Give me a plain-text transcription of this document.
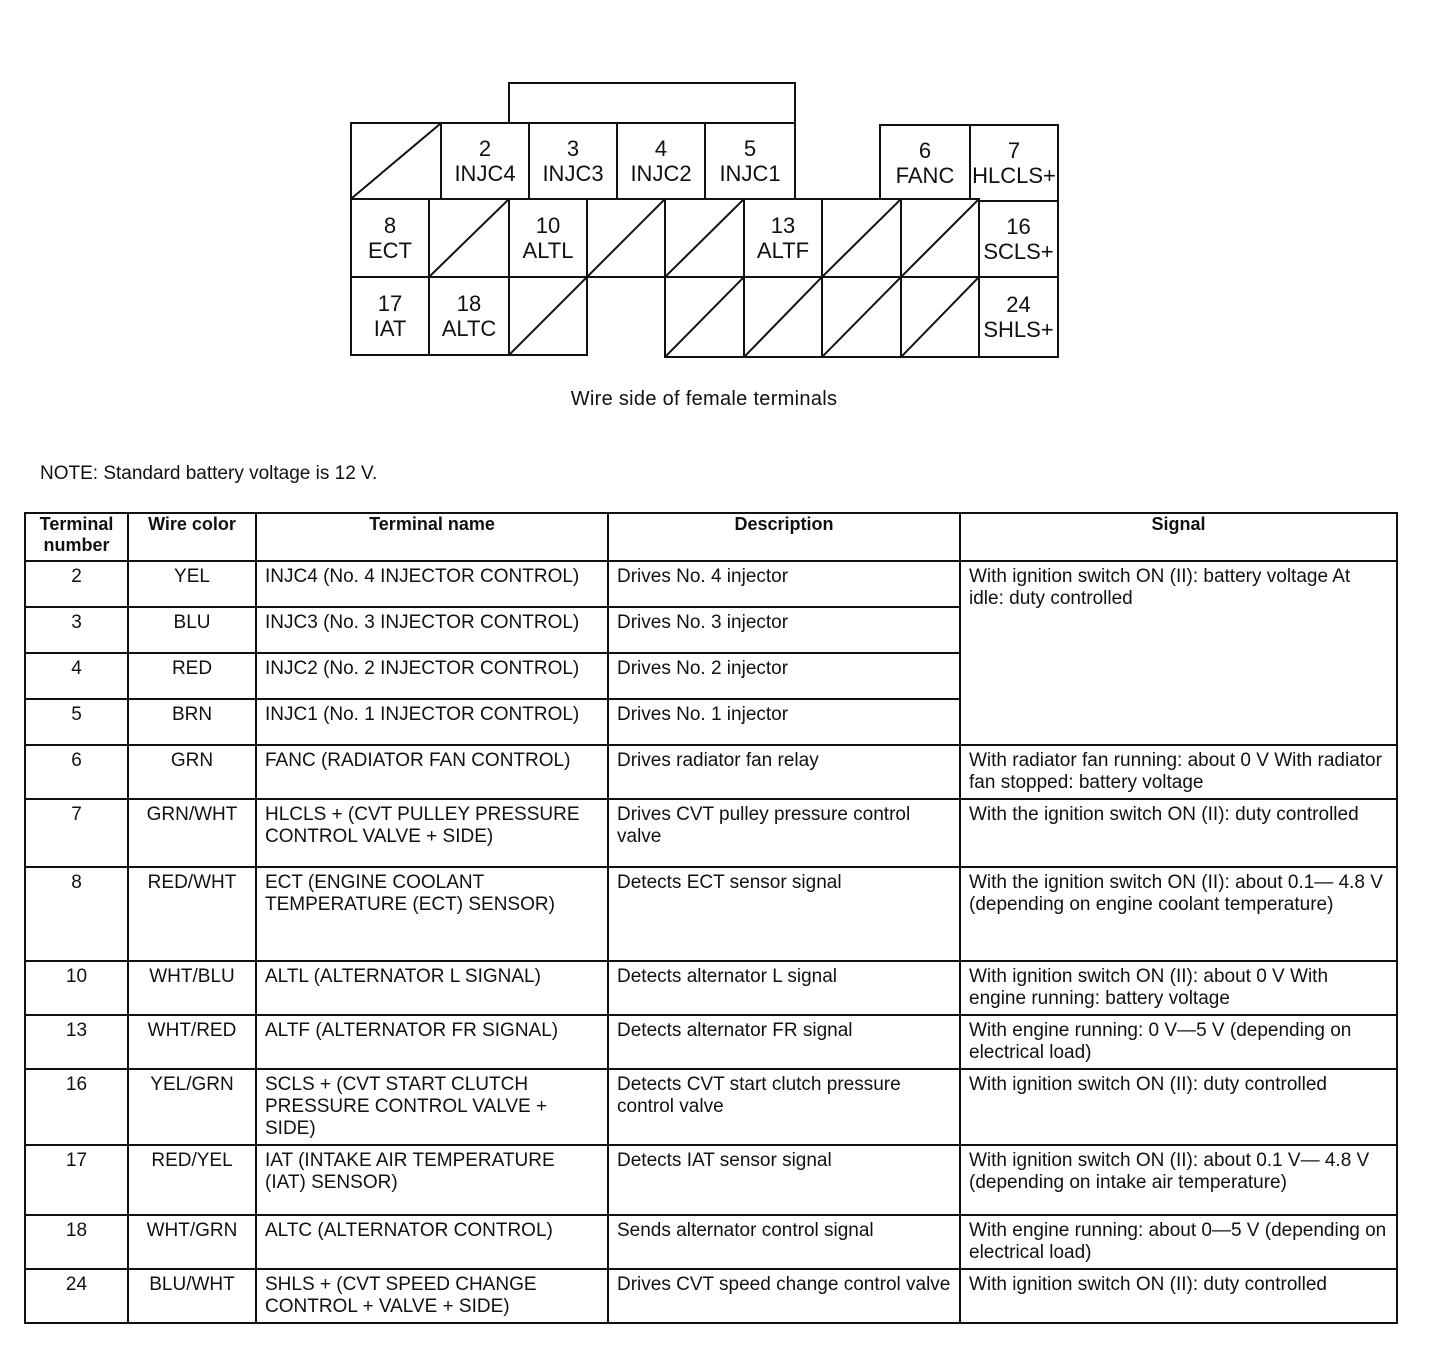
2
INJC4
3
INJC3
4
INJC2
5
INJC1
6
FANC
7
HLCLS+
8
ECT
10
ALTL
13
ALTF
16
SCLS+
17
IAT
18
ALTC
24
SHLS+
Wire side of female terminals
NOTE: Standard battery voltage is 12 V.
Terminal number	Wire color	Terminal name	Description	Signal
2	YEL	INJC4 (No. 4 INJECTOR CONTROL)	Drives No. 4 injector	With ignition switch ON (II): battery voltage At idle: duty controlled
3	BLU	INJC3 (No. 3 INJECTOR CONTROL)	Drives No. 3 injector	
4	RED	INJC2 (No. 2 INJECTOR CONTROL)	Drives No. 2 injector	
5	BRN	INJC1 (No. 1 INJECTOR CONTROL)	Drives No. 1 injector	
6	GRN	FANC (RADIATOR FAN CONTROL)	Drives radiator fan relay	With radiator fan running: about 0 V With radiator fan stopped: battery voltage
7	GRN/WHT	HLCLS + (CVT PULLEY PRESSURE CONTROL VALVE + SIDE)	Drives CVT pulley pressure control valve	With the ignition switch ON (II): duty controlled
8	RED/WHT	ECT (ENGINE COOLANT TEMPERATURE (ECT) SENSOR)	Detects ECT sensor signal	With the ignition switch ON (II): about 0.1— 4.8 V (depending on engine coolant temperature)
10	WHT/BLU	ALTL (ALTERNATOR L SIGNAL)	Detects alternator L signal	With ignition switch ON (II): about 0 V With engine running: battery voltage
13	WHT/RED	ALTF (ALTERNATOR FR SIGNAL)	Detects alternator FR signal	With engine running: 0 V—5 V (depending on electrical load)
16	YEL/GRN	SCLS + (CVT START CLUTCH PRESSURE CONTROL VALVE + SIDE)	Detects CVT start clutch pressure control valve	With ignition switch ON (II): duty controlled
17	RED/YEL	IAT (INTAKE AIR TEMPERATURE (IAT) SENSOR)	Detects IAT sensor signal	With ignition switch ON (II): about 0.1 V— 4.8 V (depending on intake air temperature)
18	WHT/GRN	ALTC (ALTERNATOR CONTROL)	Sends alternator control signal	With engine running: about 0—5 V (depending on electrical load)
24	BLU/WHT	SHLS + (CVT SPEED CHANGE CONTROL + VALVE + SIDE)	Drives CVT speed change control valve	With ignition switch ON (II): duty controlled
